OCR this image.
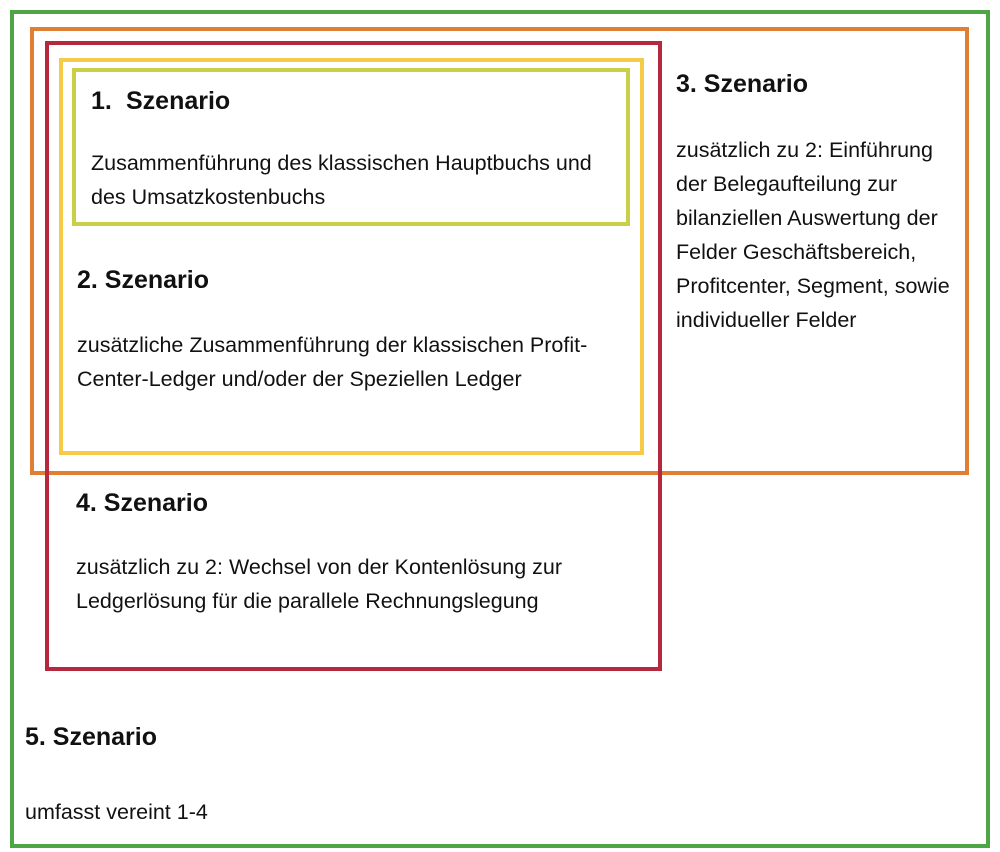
1. Szenario
Zusammenführung des klassischen Hauptbuchs und des Umsatzkostenbuchs
2. Szenario
zusätzliche Zusammenführung der klassischen Profit-Center-Ledger und/oder der Speziellen Ledger
3. Szenario
zusätzlich zu 2: Einführung der Belegaufteilung zur bilanziellen Auswertung der Felder Geschäftsbereich, Profitcenter, Segment, sowie individueller Felder
4. Szenario
zusätzlich zu 2: Wechsel von der Kontenlösung zur Ledgerlösung für die parallele Rechnungslegung
5. Szenario
umfasst vereint 1-4
